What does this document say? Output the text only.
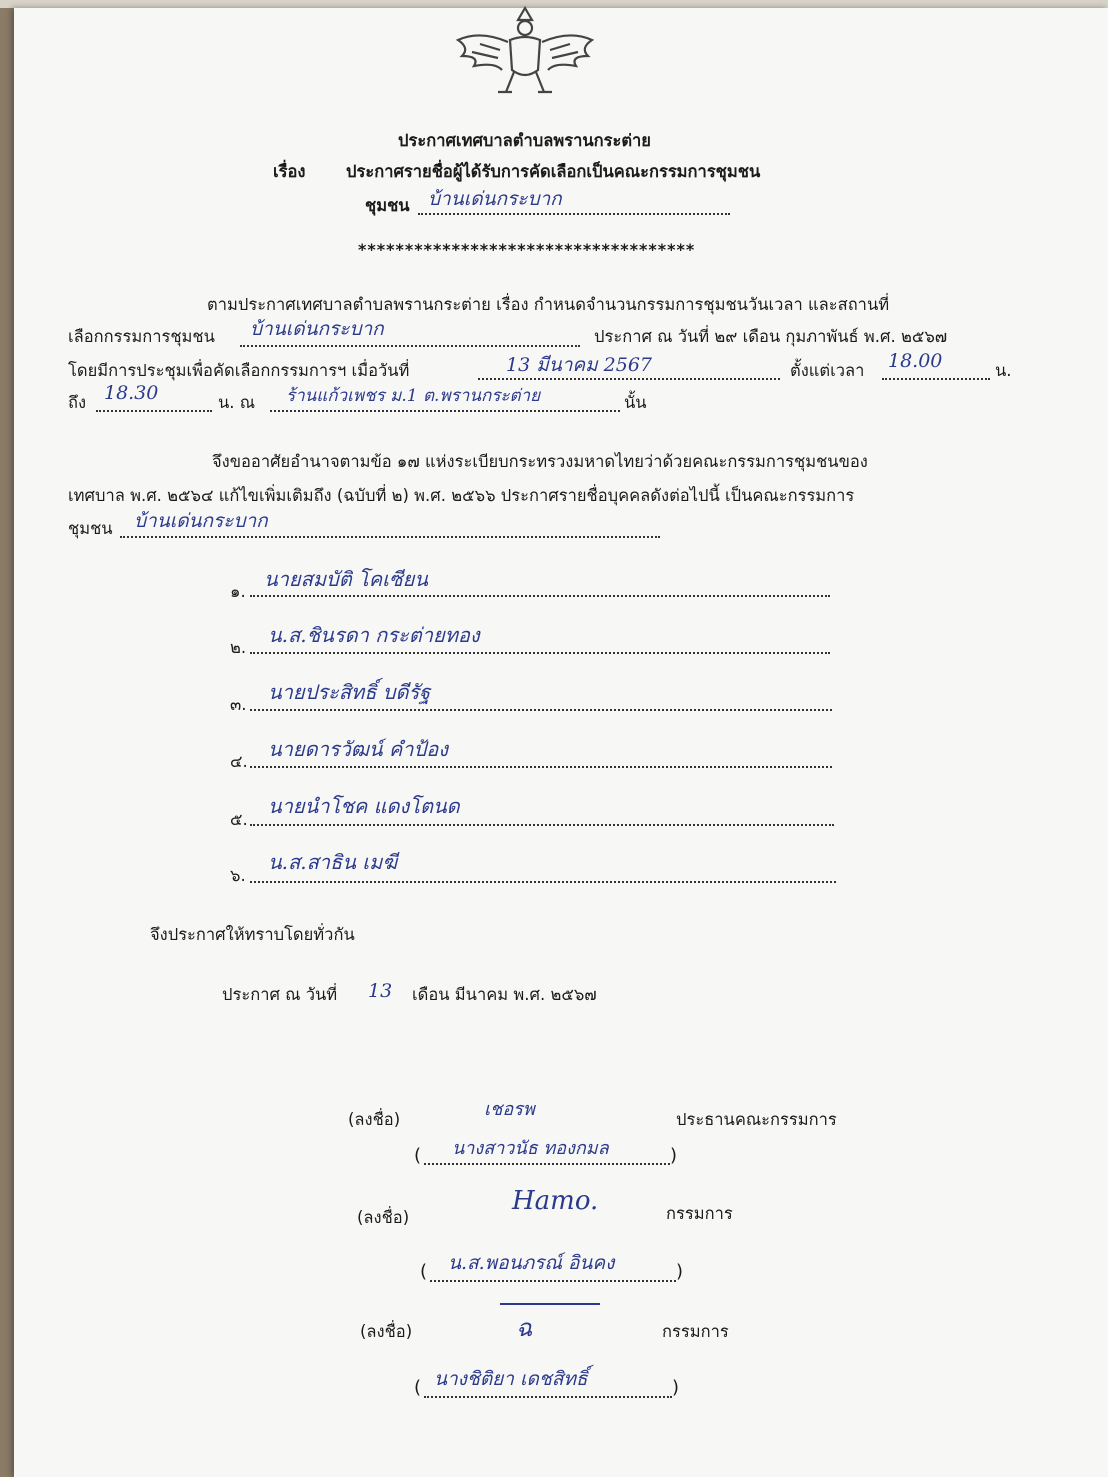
ประกาศเทศบาลตำบลพรานกระต่าย
เรื่อง ประกาศรายชื่อผู้ได้รับการคัดเลือกเป็นคณะกรรมการชุมชน
ชุมชน บ้านเด่นกระบาก
************************************
ตามประกาศเทศบาลตำบลพรานกระต่าย เรื่อง กำหนดจำนวนกรรมการชุมชนวันเวลา และสถานที่
เลือกกรรมการชุมชน บ้านเด่นกระบาก	ประกาศ ณ วันที่ ๒๙ เดือน กุมภาพันธ์ พ.ศ. ๒๕๖๗
โดยมีการประชุมเพื่อคัดเลือกกรรมการฯ เมื่อวันที่	13 มีนาคม 2567	ตั้งแต่เวลา 18.00	น.
ถึง 18.30	น. ณ ร้านแก้วเพชร ม.1 ต.พรานกระต่าย	นั้น
จึงขออาศัยอำนาจตามข้อ ๑๗ แห่งระเบียบกระทรวงมหาดไทยว่าด้วยคณะกรรมการชุมชนของ
เทศบาล พ.ศ. ๒๕๖๔ แก้ไขเพิ่มเติมถึง (ฉบับที่ ๒) พ.ศ. ๒๕๖๖ ประกาศรายชื่อบุคคลดังต่อไปนี้ เป็นคณะกรรมการ
ชุมชน บ้านเด่นกระบาก
๑.
นายสมบัติ โคเซียน
๒.
น.ส.ชินรดา กระต่ายทอง
๓.
นายประสิทธิ์ บดีรัฐ
๔.
นายดารวัฒน์ คำป้อง
๕.
นายนำโชค แดงโตนด
๖.
น.ส.สาธิน เมฆี
จึงประกาศให้ทราบโดยทั่วกัน
ประกาศ ณ วันที่ 13 เดือน มีนาคม พ.ศ. ๒๕๖๗
(ลงชื่อ)	เชอรพ	ประธานคณะกรรมการ
( นางสาวนัธ ทองกมล	)
(ลงชื่อ)
Hamo.	กรรมการ
( น.ส.พอนภรณ์ อินคง	)
(ลงชื่อ)	ฉ	กรรมการ
( นางชิติยา เดชสิทธิ์	)
